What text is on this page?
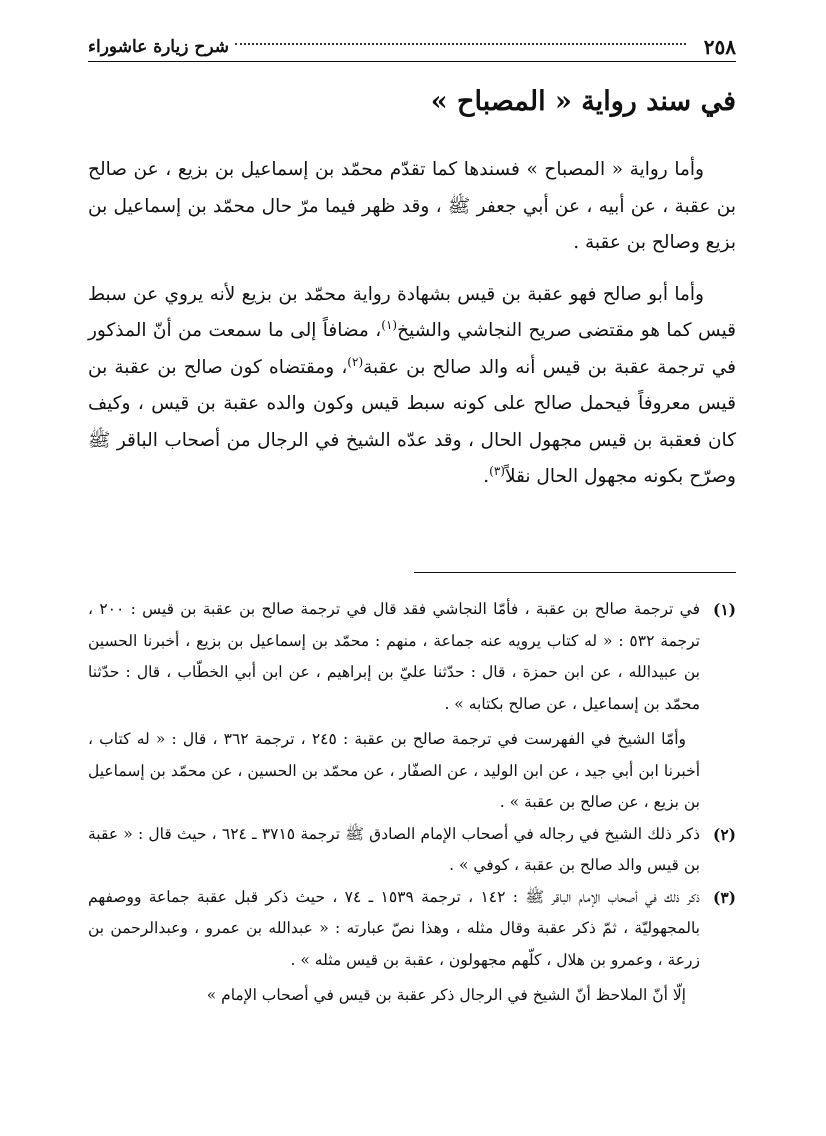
٢٥٨
شرح زيارة عاشوراء
في سند رواية « المصباح »

وأما رواية « المصباح » فسندها كما تقدّم محمّد بن إسماعيل بن بزيع ، عن صالح بن عقبة ، عن أبيه ، عن أبي جعفر ﷺ ، وقد ظهر فيما مرّ حال محمّد بن إسماعيل بن بزيع وصالح بن عقبة .

وأما أبو صالح فهو عقبة بن قيس بشهادة رواية محمّد بن بزيع لأنه يروي عن سبط قيس كما هو مقتضى صريح النجاشي والشيخ$^{(١)}$، مضافاً إلى ما سمعت من أنّ المذكور في ترجمة عقبة بن قيس أنه والد صالح بن عقبة$^{(٢)}$، ومقتضاه كون صالح بن عقبة بن قيس معروفاً فيحمل صالح على كونه سبط قيس وكون والده عقبة بن قيس ، وكيف كان فعقبة بن قيس مجهول الحال ، وقد عدّه الشيخ في الرجال من أصحاب الباقر ﷺ وصرّح بكونه مجهول الحال نقلاً$^{(٣)}$.

(١)

في ترجمة صالح بن عقبة ، فأمّا النجاشي فقد قال في ترجمة صالح بن عقبة بن قيس : ٢٠٠ ، ترجمة ٥٣٢ : « له كتاب يرويه عنه جماعة ، منهم : محمّد بن إسماعيل بن بزيع ، أخبرنا الحسين بن عبيدالله ، عن ابن حمزة ، قال : حدّثنا عليّ بن إبراهيم ، عن ابن أبي الخطّاب ، قال : حدّثنا محمّد بن إسماعيل ، عن صالح بكتابه » .

وأمّا الشيخ في الفهرست في ترجمة صالح بن عقبة : ٢٤٥ ، ترجمة ٣٦٢ ، قال : « له كتاب ، أخبرنا ابن أبي جيد ، عن ابن الوليد ، عن الصفّار ، عن محمّد بن الحسين ، عن محمّد بن إسماعيل بن بزيع ، عن صالح بن عقبة » .

(٢)

ذكر ذلك الشيخ في رجاله في أصحاب الإمام الصادق ﷺ ترجمة ٣٧١٥ ـ ٦٢٤ ، حيث قال : « عقبة بن قيس والد صالح بن عقبة ، كوفي » .

(٣)

ذكر ذلك في أصحاب الإمام الباقر ﷺ : ١٤٢ ، ترجمة ١٥٣٩ ـ ٧٤ ، حيث ذكر قبل عقبة جماعة ووصفهم بالمجهوليّة ، ثمّ ذكر عقبة وقال مثله ، وهذا نصّ عبارته : « عبدالله بن عمرو ، وعبدالرحمن بن زرعة ، وعمرو بن هلال ، كلّهم مجهولون ، عقبة بن قيس مثله » .

إلّا أنّ الملاحظ أنّ الشيخ في الرجال ذكر عقبة بن قيس في أصحاب الإمام »
